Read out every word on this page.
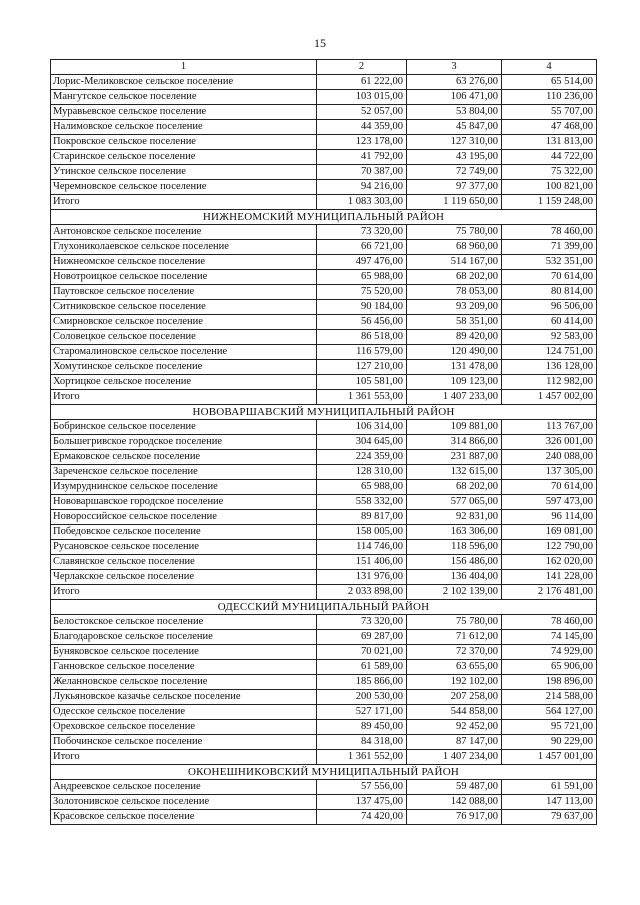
15
1	2	3	4
Лорис-Меликовское сельское поселение	61 222,00	63 276,00	65 514,00
Мангутское сельское поселение	103 015,00	106 471,00	110 236,00
Муравьевское сельское поселение	52 057,00	53 804,00	55 707,00
Налимовское сельское поселение	44 359,00	45 847,00	47 468,00
Покровское сельское поселение	123 178,00	127 310,00	131 813,00
Старинское сельское поселение	41 792,00	43 195,00	44 722,00
Утинское сельское поселение	70 387,00	72 749,00	75 322,00
Черемновское сельское поселение	94 216,00	97 377,00	100 821,00
Итого	1 083 303,00	1 119 650,00	1 159 248,00
НИЖНЕОМСКИЙ МУНИЦИПАЛЬНЫЙ РАЙОН			
Антоновское сельское поселение	73 320,00	75 780,00	78 460,00
Глухониколаевское сельское поселение	66 721,00	68 960,00	71 399,00
Нижнеомское сельское поселение	497 476,00	514 167,00	532 351,00
Новотроицкое сельское поселение	65 988,00	68 202,00	70 614,00
Паутовское сельское поселение	75 520,00	78 053,00	80 814,00
Ситниковское сельское поселение	90 184,00	93 209,00	96 506,00
Смирновское сельское поселение	56 456,00	58 351,00	60 414,00
Соловецкое сельское поселение	86 518,00	89 420,00	92 583,00
Старомалиновское сельское поселение	116 579,00	120 490,00	124 751,00
Хомутинское сельское поселение	127 210,00	131 478,00	136 128,00
Хортицкое сельское поселение	105 581,00	109 123,00	112 982,00
Итого	1 361 553,00	1 407 233,00	1 457 002,00
НОВОВАРШАВСКИЙ МУНИЦИПАЛЬНЫЙ РАЙОН			
Бобринское сельское поселение	106 314,00	109 881,00	113 767,00
Большегривское городское поселение	304 645,00	314 866,00	326 001,00
Ермаковское сельское поселение	224 359,00	231 887,00	240 088,00
Зареченское сельское поселение	128 310,00	132 615,00	137 305,00
Изумруднинское сельское поселение	65 988,00	68 202,00	70 614,00
Нововаршавское городское поселение	558 332,00	577 065,00	597 473,00
Новороссийское сельское поселение	89 817,00	92 831,00	96 114,00
Победовское сельское поселение	158 005,00	163 306,00	169 081,00
Русановское сельское поселение	114 746,00	118 596,00	122 790,00
Славянское сельское поселение	151 406,00	156 486,00	162 020,00
Черлакское сельское поселение	131 976,00	136 404,00	141 228,00
Итого	2 033 898,00	2 102 139,00	2 176 481,00
ОДЕССКИЙ МУНИЦИПАЛЬНЫЙ РАЙОН			
Белостокское сельское поселение	73 320,00	75 780,00	78 460,00
Благодаровское сельское поселение	69 287,00	71 612,00	74 145,00
Буняковское сельское поселение	70 021,00	72 370,00	74 929,00
Ганновское сельское поселение	61 589,00	63 655,00	65 906,00
Желанновское сельское поселение	185 866,00	192 102,00	198 896,00
Лукьяновское казачье сельское поселение	200 530,00	207 258,00	214 588,00
Одесское сельское поселение	527 171,00	544 858,00	564 127,00
Ореховское сельское поселение	89 450,00	92 452,00	95 721,00
Побочинское сельское поселение	84 318,00	87 147,00	90 229,00
Итого	1 361 552,00	1 407 234,00	1 457 001,00
ОКОНЕШНИКОВСКИЙ МУНИЦИПАЛЬНЫЙ РАЙОН			
Андреевское сельское поселение	57 556,00	59 487,00	61 591,00
Золотонивское сельское поселение	137 475,00	142 088,00	147 113,00
Красовское сельское поселение	74 420,00	76 917,00	79 637,00
